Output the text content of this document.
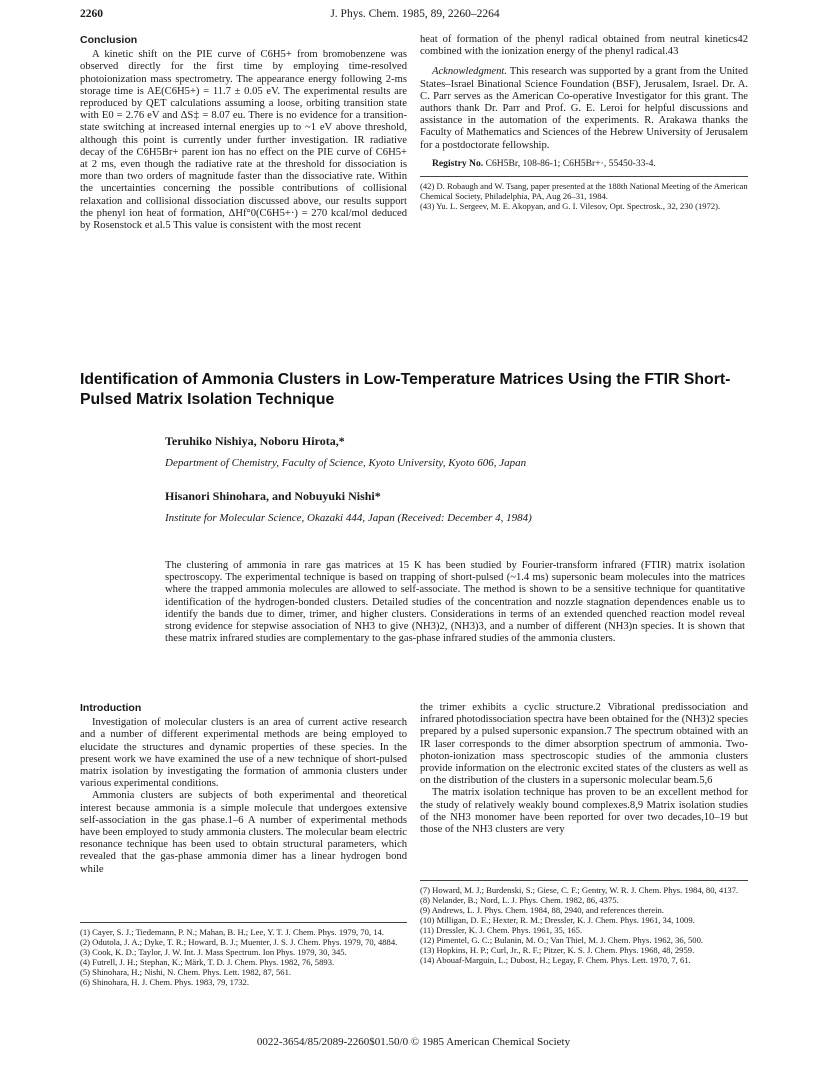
2260	J. Phys. Chem. 1985, 89, 2260–2264
Conclusion

A kinetic shift on the PIE curve of C6H5+ from bromobenzene was observed directly for the first time by employing time-resolved photoionization mass spectrometry. The appearance energy following 2-ms storage time is AE(C6H5+) = 11.7 ± 0.05 eV. The experimental results are reproduced by QET calculations assuming a loose, orbiting transition state with E0 = 2.76 eV and ΔS‡ = 8.07 eu. There is no evidence for a transition-state switching at increased internal energies up to ~1 eV above threshold, although this point is currently under further investigation. IR radiative decay of the C6H5Br+ parent ion has no effect on the PIE curve of C6H5+ at 2 ms, even though the radiative rate at the threshold for dissociation is more than two orders of magnitude faster than the dissociative rate. Within the uncertainties concerning the possible contributions of collisional relaxation and collisional dissociation discussed above, our results support the phenyl ion heat of formation, ΔHf°0(C6H5+·) = 270 kcal/mol deduced by Rosenstock et al.5 This value is consistent with the most recent

heat of formation of the phenyl radical obtained from neutral kinetics42 combined with the ionization energy of the phenyl radical.43

Acknowledgment. This research was supported by a grant from the United States–Israel Binational Science Foundation (BSF), Jerusalem, Israel. Dr. A. C. Parr serves as the American Co-operative Investigator for this grant. The authors thank Dr. Parr and Prof. G. E. Leroi for helpful discussions and assistance in the automation of the experiments. R. Arakawa thanks the Faculty of Mathematics and Sciences of the Hebrew University of Jerusalem for a postdoctorate fellowship.

Registry No. C6H5Br, 108-86-1; C6H5Br+·, 55450-33-4.

(42) D. Robaugh and W. Tsang, paper presented at the 188th National Meeting of the American Chemical Society, Philadelphia, PA, Aug 26–31, 1984.
(43) Yu. L. Sergeev, M. E. Akopyan, and G. I. Vilesov, Opt. Spectrosk., 32, 230 (1972).
Identification of Ammonia Clusters in Low-Temperature Matrices Using the FTIR Short-Pulsed Matrix Isolation Technique
Teruhiko Nishiya, Noboru Hirota,*
Department of Chemistry, Faculty of Science, Kyoto University, Kyoto 606, Japan
Hisanori Shinohara, and Nobuyuki Nishi*
Institute for Molecular Science, Okazaki 444, Japan (Received: December 4, 1984)
The clustering of ammonia in rare gas matrices at 15 K has been studied by Fourier-transform infrared (FTIR) matrix isolation spectroscopy. The experimental technique is based on trapping of short-pulsed (~1.4 ms) supersonic beam molecules into the matrices where the trapped ammonia molecules are allowed to self-associate. The method is shown to be a sensitive technique for quantitative identification of the hydrogen-bonded clusters. Detailed studies of the concentration and nozzle stagnation dependences enable us to identify the bands due to dimer, trimer, and higher clusters. Considerations in terms of an extended quenched reaction model reveal strong evidence for stepwise association of NH3 to give (NH3)2, (NH3)3, and a number of different (NH3)n species. It is shown that these matrix infrared studies are complementary to the gas-phase infrared studies of the ammonia clusters.
Introduction

Investigation of molecular clusters is an area of current active research and a number of different experimental methods are being employed to elucidate the structures and dynamic properties of these species. In the present work we have examined the use of a new technique of short-pulsed matrix isolation by investigating the formation of ammonia clusters under various experimental conditions.

Ammonia clusters are subjects of both experimental and theoretical interest because ammonia is a simple molecule that undergoes extensive self-association in the gas phase.1–6 A number of experimental methods have been employed to study ammonia clusters. The molecular beam electric resonance technique has been used to obtain structural parameters, which revealed that the gas-phase ammonia dimer has a linear hydrogen bond while

(1) Cayer, S. J.; Tiedemann, P. N.; Mahan, B. H.; Lee, Y. T. J. Chem. Phys. 1979, 70, 14.
(2) Odutola, J. A.; Dyke, T. R.; Howard, B. J.; Muenter, J. S. J. Chem. Phys. 1979, 70, 4884.
(3) Cook, K. D.; Taylor, J. W. Int. J. Mass Spectrum. Ion Phys. 1979, 30, 345.
(4) Futrell, J. H.; Stephan, K.; Märk, T. D. J. Chem. Phys. 1982, 76, 5893.
(5) Shinohara, H.; Nishi, N. Chem. Phys. Lett. 1982, 87, 561.
(6) Shinohara, H. J. Chem. Phys. 1983, 79, 1732.

the trimer exhibits a cyclic structure.2 Vibrational predissociation and infrared photodissociation spectra have been obtained for the (NH3)2 species prepared by a pulsed supersonic expansion.7 The spectrum obtained with an IR laser corresponds to the dimer absorption spectrum of ammonia. Two-photon-ionization mass spectroscopic studies of the ammonia clusters provide information on the electronic excited states of the clusters as well as on the distribution of the clusters in a supersonic molecular beam.5,6

The matrix isolation technique has proven to be an excellent method for the study of relatively weakly bound complexes.8,9 Matrix isolation studies of the NH3 monomer have been reported for over two decades,10–19 but those of the NH3 clusters are very

(7) Howard, M. J.; Burdenski, S.; Giese, C. F.; Gentry, W. R. J. Chem. Phys. 1984, 80, 4137.
(8) Nelander, B.; Nord, L. J. Phys. Chem. 1982, 86, 4375.
(9) Andrews, L. J. Phys. Chem. 1984, 88, 2940, and references therein.
(10) Milligan, D. E.; Hexter, R. M.; Dressler, K. J. Chem. Phys. 1961, 34, 1009.
(11) Dressler, K. J. Chem. Phys. 1961, 35, 165.
(12) Pimentel, G. C.; Bulanin, M. O.; Van Thiel, M. J. Chem. Phys. 1962, 36, 500.
(13) Hopkins, H. P.; Curl, Jr., R. F.; Pitzer, K. S. J. Chem. Phys. 1968, 48, 2959.
(14) Abouaf-Marguin, L.; Dubost, H.; Legay, F. Chem. Phys. Lett. 1970, 7, 61.
0022-3654/85/2089-2260$01.50/0 © 1985 American Chemical Society
